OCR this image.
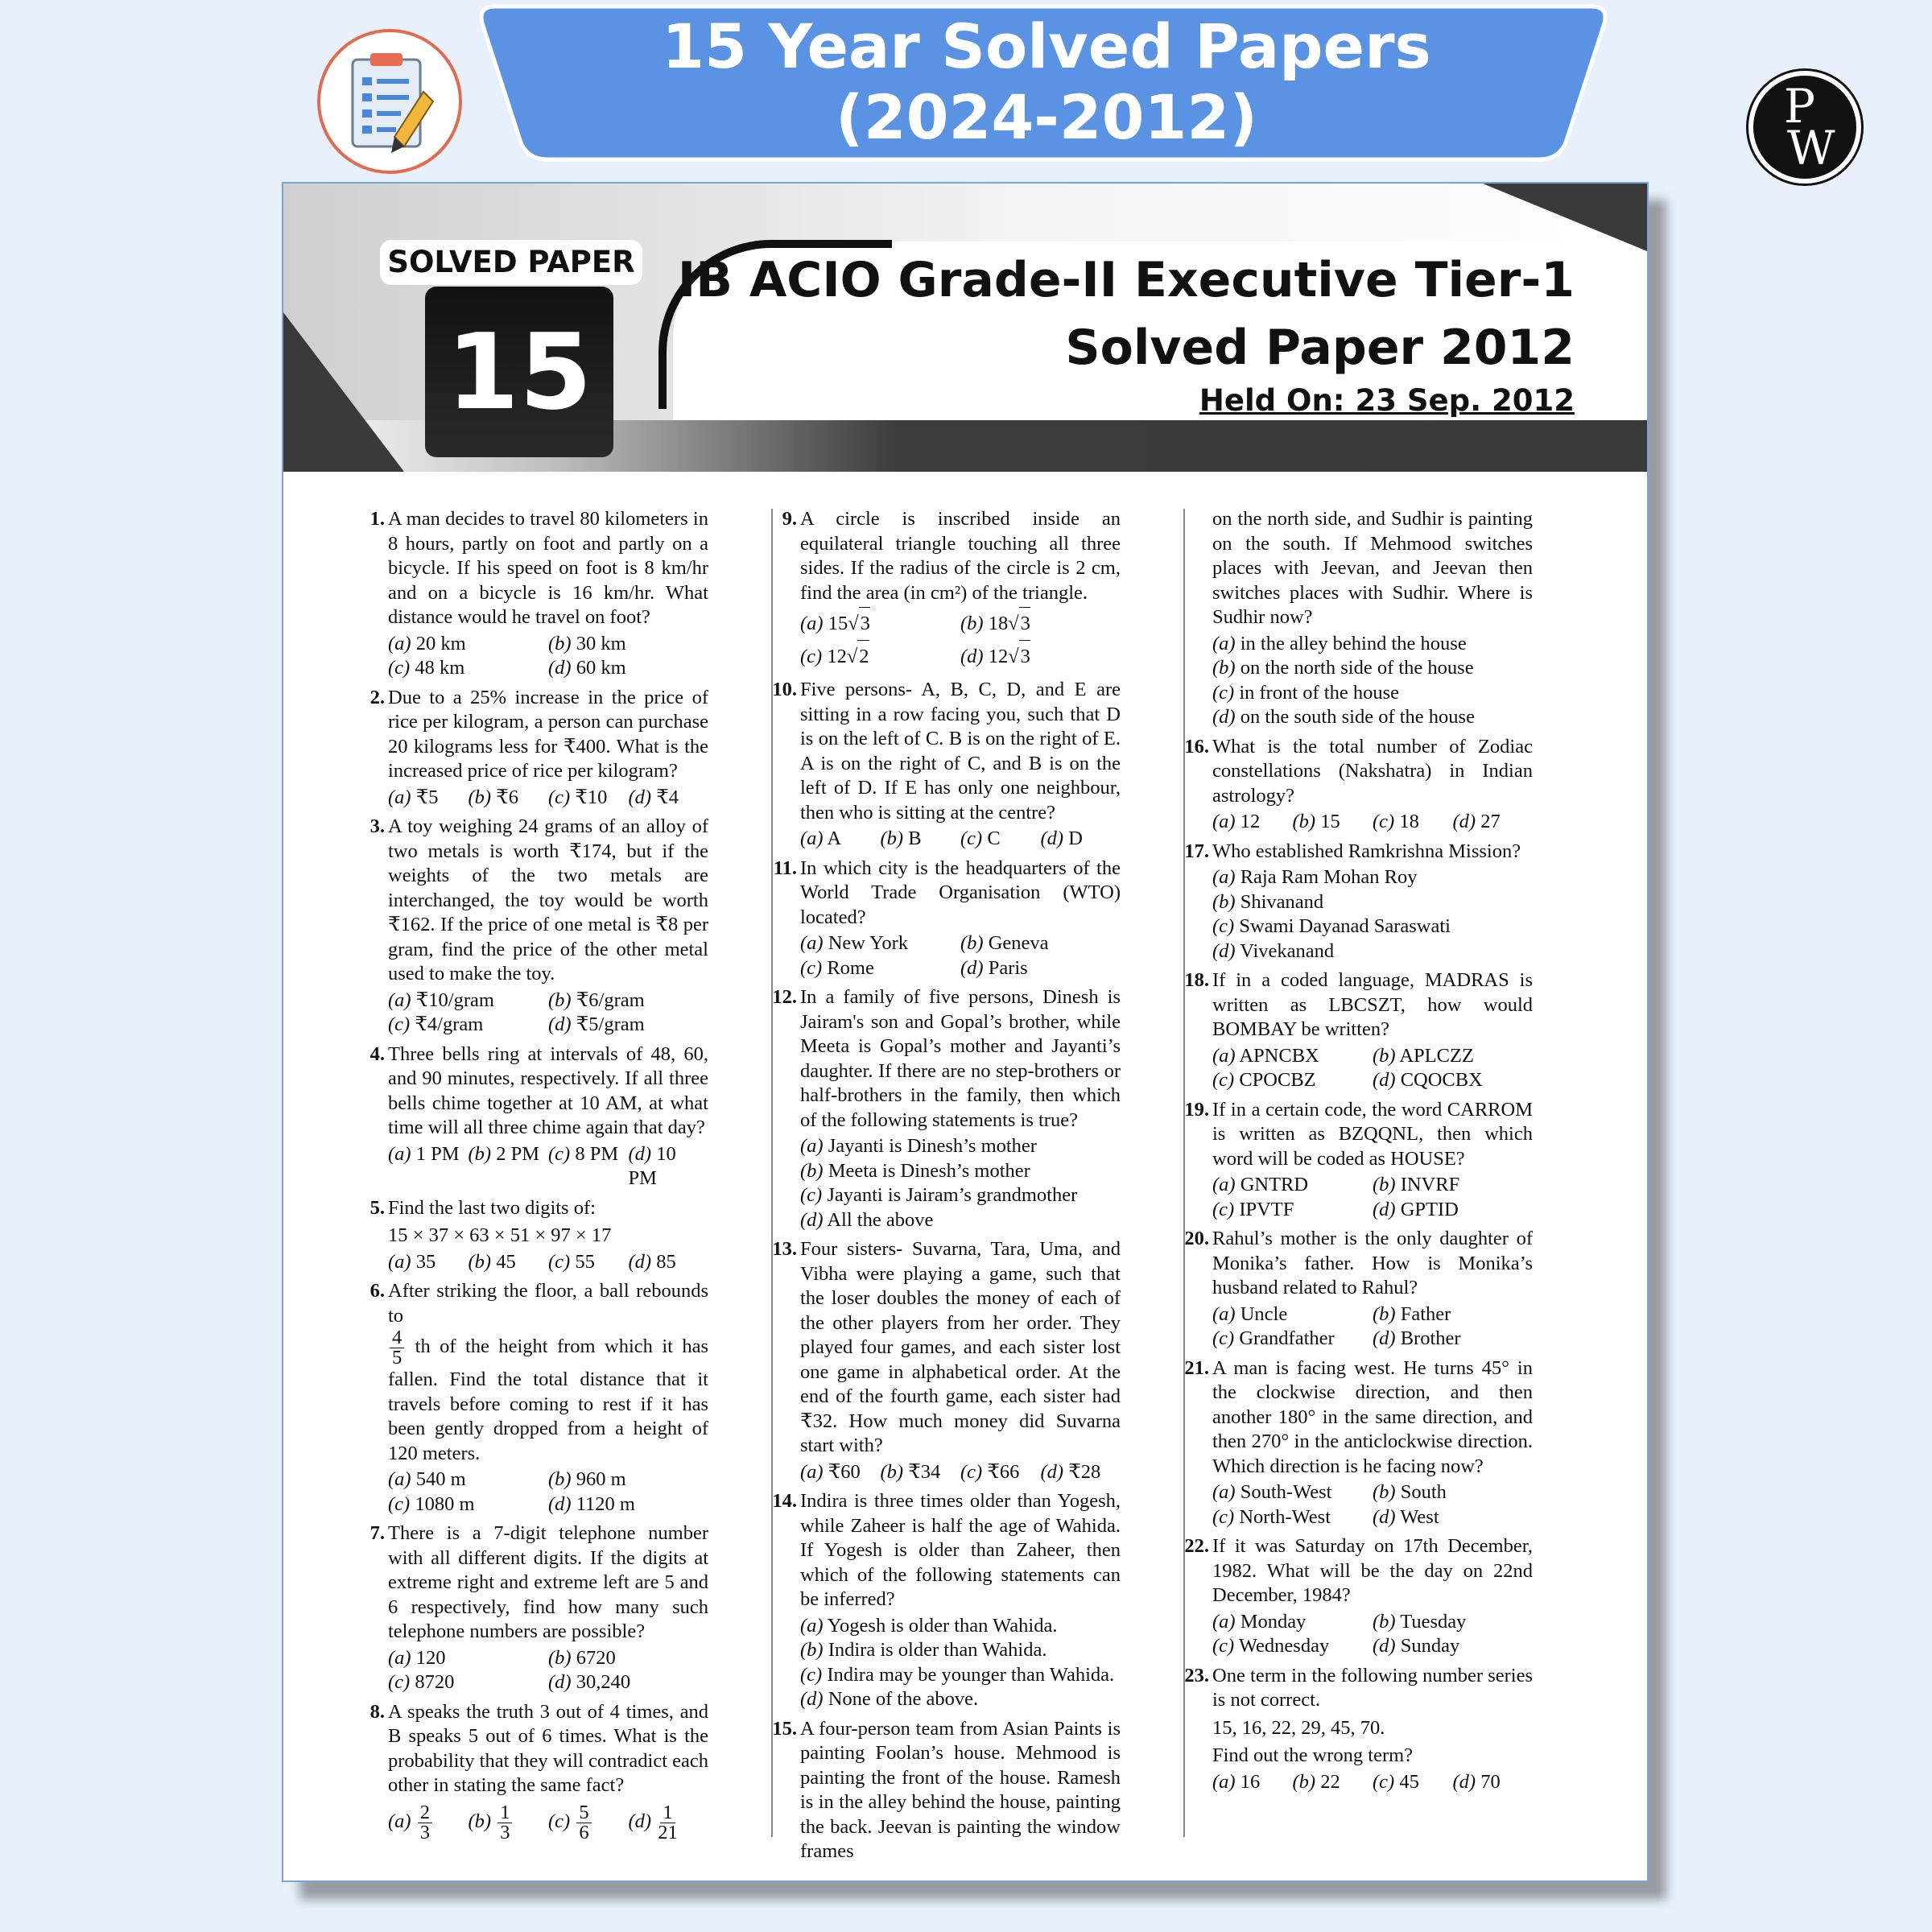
15 Year Solved Papers
(2024-2012)	P
W
SOLVED PAPER
15
IB ACIO Grade-II Executive Tier-1
Solved Paper 2012
Held On: 23 Sep. 2012
1. A man decides to travel 80 kilometers in 8 hours, partly on foot and partly on a bicycle. If his speed on foot is 8 km/hr and on a bicycle is 16 km/hr. What distance would he travel on foot?
(a) 20 km	(b) 30 km
(c) 48 km	(d) 60 km
2. Due to a 25% increase in the price of rice per kilogram, a person can purchase 20 kilograms less for ₹400. What is the increased price of rice per kilogram?
(a) ₹5	(b) ₹6	(c) ₹10	(d) ₹4
3. A toy weighing 24 grams of an alloy of two metals is worth ₹174, but if the weights of the two metals are interchanged, the toy would be worth ₹162. If the price of one metal is ₹8 per gram, find the price of the other metal used to make the toy.
(a) ₹10/gram	(b) ₹6/gram
(c) ₹4/gram	(d) ₹5/gram
4. Three bells ring at intervals of 48, 60, and 90 minutes, respectively. If all three bells chime together at 10 AM, at what time will all three chime again that day?
(a) 1 PM (b) 2 PM (c) 8 PM (d) 10 PM
5. Find the last two digits of:
15 × 37 × 63 × 51 × 97 × 17
(a) 35	(b) 45	(c) 55	(d) 85
6. After striking the floor, a ball rebounds to

$\frac{4}{5}$ th of the height from which it has fallen. Find the total distance that it travels before coming to rest if it has been gently dropped from a height of 120 meters.
(a) 540 m	(b) 960 m
(c) 1080 m	(d) 1120 m
7. There is a 7-digit telephone number with all different digits. If the digits at extreme right and extreme left are 5 and 6 respectively, find how many such telephone numbers are possible?
(a) 120	(b) 6720
(c) 8720	(d) 30,240
8. A speaks the truth 3 out of 4 times, and B speaks 5 out of 6 times. What is the probability that they will contradict each other in stating the same fact?
$(a) \frac{2}{3} (b) \frac{1}{3} (c) \frac{5}{6} (d) \frac{1}{21}$
9. A circle is inscribed inside an equilateral triangle touching all three sides. If the radius of the circle is 2 cm, find the area (in cm²) of the triangle.
(a) 15√3	(b) 18√3
(c) 12√2	(d) 12√3
10. Five persons- A, B, C, D, and E are sitting in a row facing you, such that D is on the left of C. B is on the right of E. A is on the right of C, and B is on the left of D. If E has only one neighbour, then who is sitting at the centre?
(a) A	(b) B	(c) C	(d) D
11. In which city is the headquarters of the World Trade Organisation (WTO) located?
(a) New York	(b) Geneva
(c) Rome	(d) Paris
12. In a family of five persons, Dinesh is Jairam's son and Gopal’s brother, while Meeta is Gopal’s mother and Jayanti’s daughter. If there are no step-brothers or half-brothers in the family, then which of the following statements is true?
(a) Jayanti is Dinesh’s mother
(b) Meeta is Dinesh’s mother
(c) Jayanti is Jairam’s grandmother
(d) All the above
13. Four sisters- Suvarna, Tara, Uma, and Vibha were playing a game, such that the loser doubles the money of each of the other players from her order. They played four games, and each sister lost one game in alphabetical order. At the end of the fourth game, each sister had ₹32. How much money did Suvarna start with?
(a) ₹60	(b) ₹34	(c) ₹66	(d) ₹28
14. Indira is three times older than Yogesh, while Zaheer is half the age of Wahida. If Yogesh is older than Zaheer, then which of the following statements can be inferred?
(a) Yogesh is older than Wahida.
(b) Indira is older than Wahida.
(c) Indira may be younger than Wahida.
(d) None of the above.
15. A four-person team from Asian Paints is painting Foolan’s house. Mehmood is painting the front of the house. Ramesh is in the alley behind the house, painting the back. Jeevan is painting the window frames
on the north side, and Sudhir is painting on the south. If Mehmood switches places with Jeevan, and Jeevan then switches places with Sudhir. Where is Sudhir now?
(a) in the alley behind the house
(b) on the north side of the house
(c) in front of the house
(d) on the south side of the house
16. What is the total number of Zodiac constellations (Nakshatra) in Indian astrology?
(a) 12	(b) 15	(c) 18	(d) 27
17. Who established Ramkrishna Mission?
(a) Raja Ram Mohan Roy
(b) Shivanand
(c) Swami Dayanad Saraswati
(d) Vivekanand
18. If in a coded language, MADRAS is written as LBCSZT, how would BOMBAY be written?
(a) APNCBX	(b) APLCZZ
(c) CPOCBZ	(d) CQOCBX
19. If in a certain code, the word CARROM is written as BZQQNL, then which word will be coded as HOUSE?
(a) GNTRD	(b) INVRF
(c) IPVTF	(d) GPTID
20. Rahul’s mother is the only daughter of Monika’s father. How is Monika’s husband related to Rahul?
(a) Uncle	(b) Father
(c) Grandfather	(d) Brother
21. A man is facing west. He turns 45° in the clockwise direction, and then another 180° in the same direction, and then 270° in the anticlockwise direction. Which direction is he facing now?
(a) South-West	(b) South
(c) North-West	(d) West
22. If it was Saturday on 17th December, 1982. What will be the day on 22nd December, 1984?
(a) Monday	(b) Tuesday
(c) Wednesday	(d) Sunday
23. One term in the following number series is not correct.
15, 16, 22, 29, 45, 70.
Find out the wrong term?
(a) 16	(b) 22	(c) 45	(d) 70
